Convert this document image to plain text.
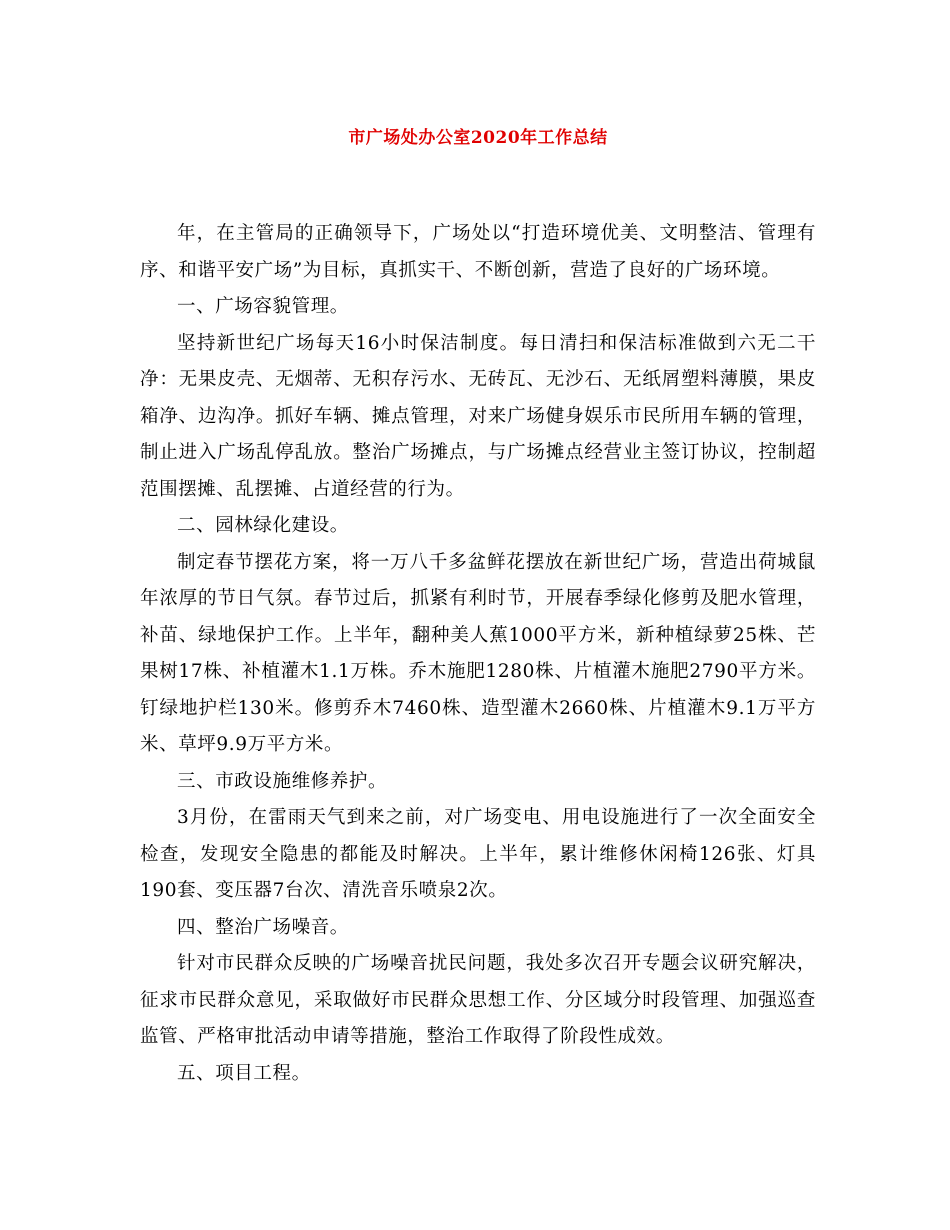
市广场处办公室2020年工作总结

年，在主管局的正确领导下，广场处以“打造环境优美、文明整洁、管理有序、和谐平安广场”为目标，真抓实干、不断创新，营造了良好的广场环境。

一、广场容貌管理。

坚持新世纪广场每天16小时保洁制度。每日清扫和保洁标准做到六无二干净：无果皮壳、无烟蒂、无积存污水、无砖瓦、无沙石、无纸屑塑料薄膜，果皮箱净、边沟净。抓好车辆、摊点管理，对来广场健身娱乐市民所用车辆的管理，制止进入广场乱停乱放。整治广场摊点，与广场摊点经营业主签订协议，控制超范围摆摊、乱摆摊、占道经营的行为。

二、园林绿化建设。

制定春节摆花方案，将一万八千多盆鲜花摆放在新世纪广场，营造出荷城鼠年浓厚的节日气氛。春节过后，抓紧有利时节，开展春季绿化修剪及肥水管理，补苗、绿地保护工作。上半年，翻种美人蕉1000平方米，新种植绿萝25株、芒果树17株、补植灌木1.1万株。乔木施肥1280株、片植灌木施肥2790平方米。钉绿地护栏130米。修剪乔木7460株、造型灌木2660株、片植灌木9.1万平方米、草坪9.9万平方米。

三、市政设施维修养护。

3月份，在雷雨天气到来之前，对广场变电、用电设施进行了一次全面安全检查，发现安全隐患的都能及时解决。上半年，累计维修休闲椅126张、灯具190套、变压器7台次、清洗音乐喷泉2次。

四、整治广场噪音。

针对市民群众反映的广场噪音扰民问题，我处多次召开专题会议研究解决，征求市民群众意见，采取做好市民群众思想工作、分区域分时段管理、加强巡查监管、严格审批活动申请等措施，整治工作取得了阶段性成效。

五、项目工程。
